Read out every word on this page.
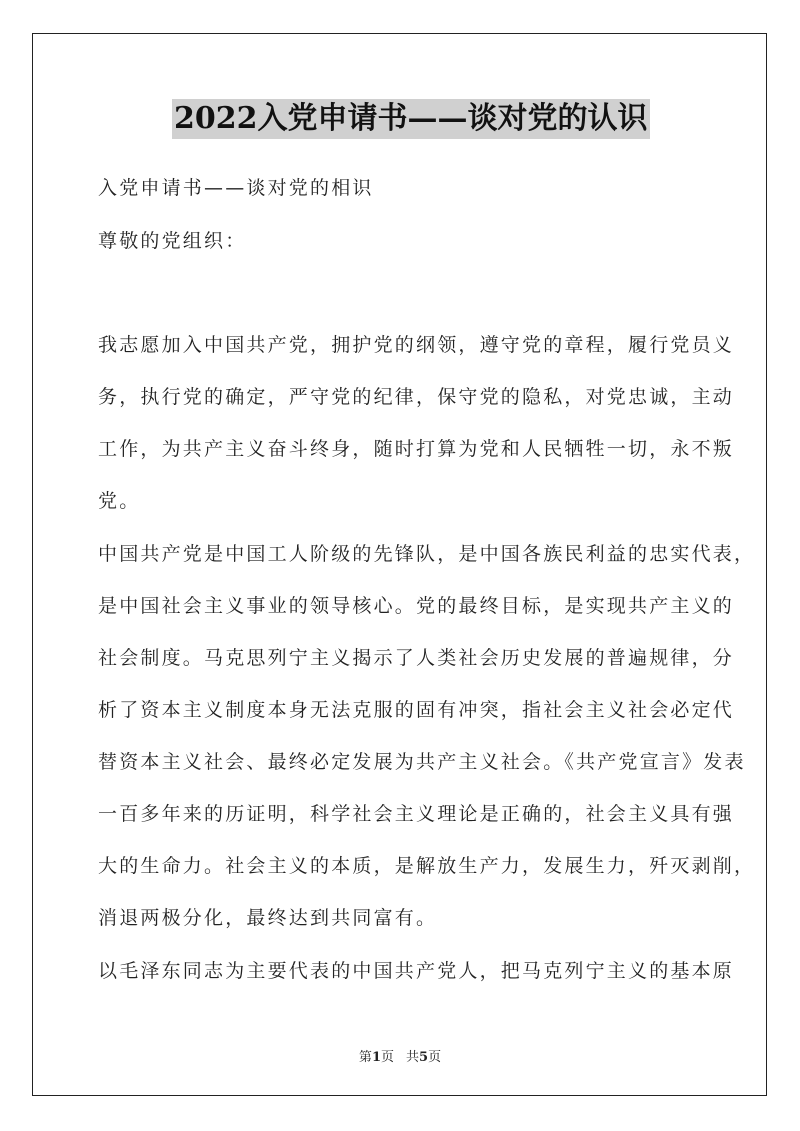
2022入党申请书——谈对党的认识
入党申请书——谈对党的相识
尊敬的党组织：
我志愿加入中国共产党，拥护党的纲领，遵守党的章程，履行党员义
务，执行党的确定，严守党的纪律，保守党的隐私，对党忠诚，主动
工作，为共产主义奋斗终身，随时打算为党和人民牺牲一切，永不叛
党。
中国共产党是中国工人阶级的先锋队，是中国各族民利益的忠实代表，
是中国社会主义事业的领导核心。党的最终目标，是实现共产主义的
社会制度。马克思列宁主义揭示了人类社会历史发展的普遍规律，分
析了资本主义制度本身无法克服的固有冲突，指社会主义社会必定代
替资本主义社会、最终必定发展为共产主义社会。《共产党宣言》发表
一百多年来的历证明，科学社会主义理论是正确的，社会主义具有强
大的生命力。社会主义的本质，是解放生产力，发展生力，歼灭剥削，
消退两极分化，最终达到共同富有。
以毛泽东同志为主要代表的中国共产党人，把马克列宁主义的基本原
第1页 共5页
